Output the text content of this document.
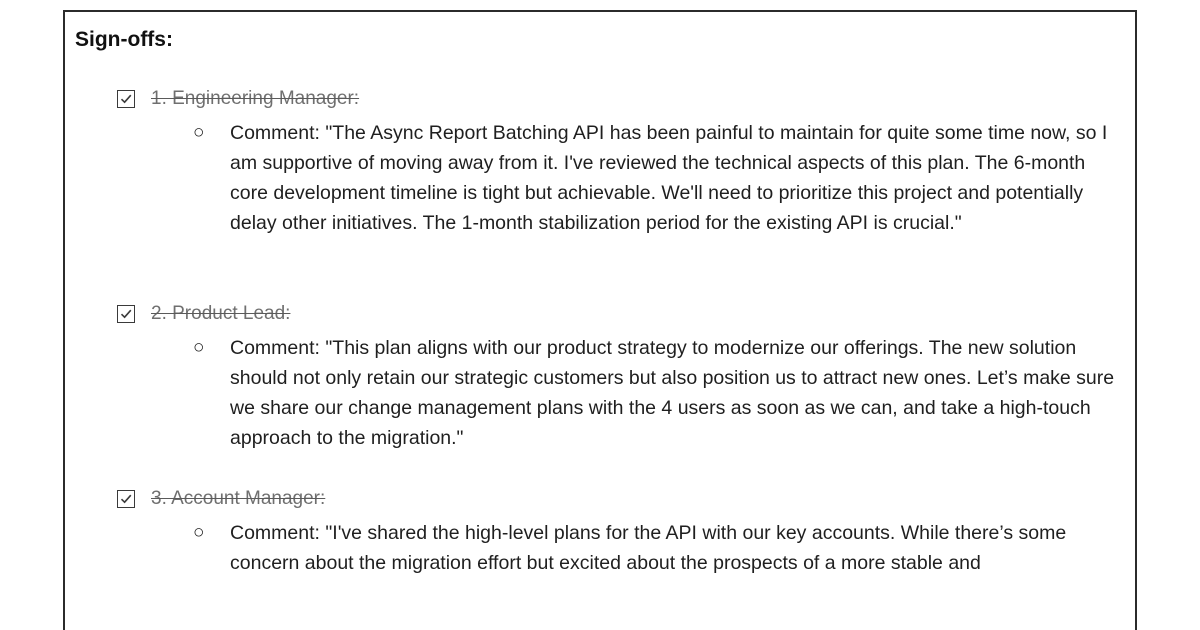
Sign-offs:
1. Engineering Manager:
○ Comment: "The Async Report Batching API has been painful to maintain for quite some time now, so I am supportive of moving away from it. I've reviewed the technical aspects of this plan. The 6-month core development timeline is tight but achievable. We'll need to prioritize this project and potentially delay other initiatives. The 1-month stabilization period for the existing API is crucial."

2. Product Lead:
○ Comment: "This plan aligns with our product strategy to modernize our offerings. The new solution should not only retain our strategic customers but also position us to attract new ones. Let’s make sure we share our change management plans with the 4 users as soon as we can, and take a high-touch approach to the migration."

3. Account Manager:
○ Comment: "I've shared the high-level plans for the API with our key accounts. While there’s some concern about the migration effort but excited about the prospects of a more stable and
